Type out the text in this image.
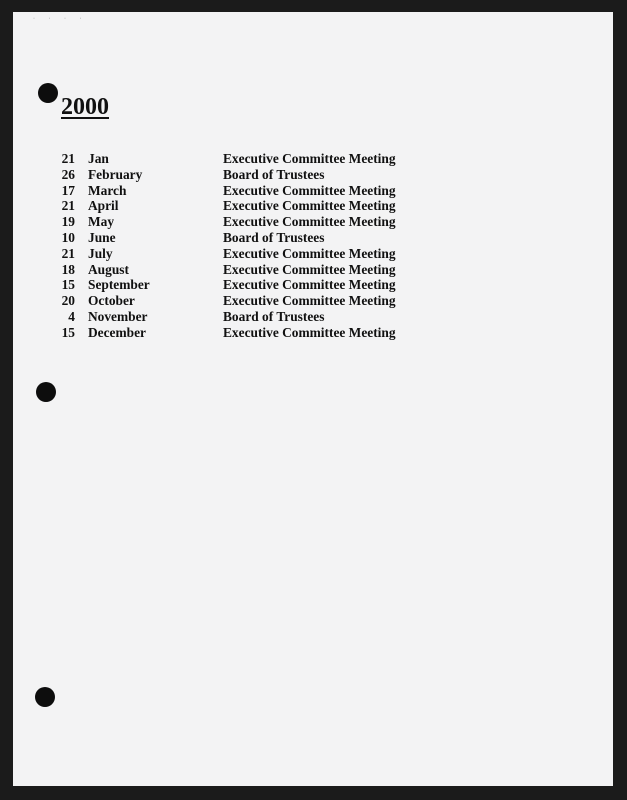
· · · ·
2000
21 Jan	Executive Committee Meeting
26 February	Board of Trustees
17 March	Executive Committee Meeting
21 April	Executive Committee Meeting
19 May	Executive Committee Meeting
10 June	Board of Trustees
21 July	Executive Committee Meeting
18 August	Executive Committee Meeting
15 September	Executive Committee Meeting
20 October	Executive Committee Meeting
4 November	Board of Trustees
15 December	Executive Committee Meeting
